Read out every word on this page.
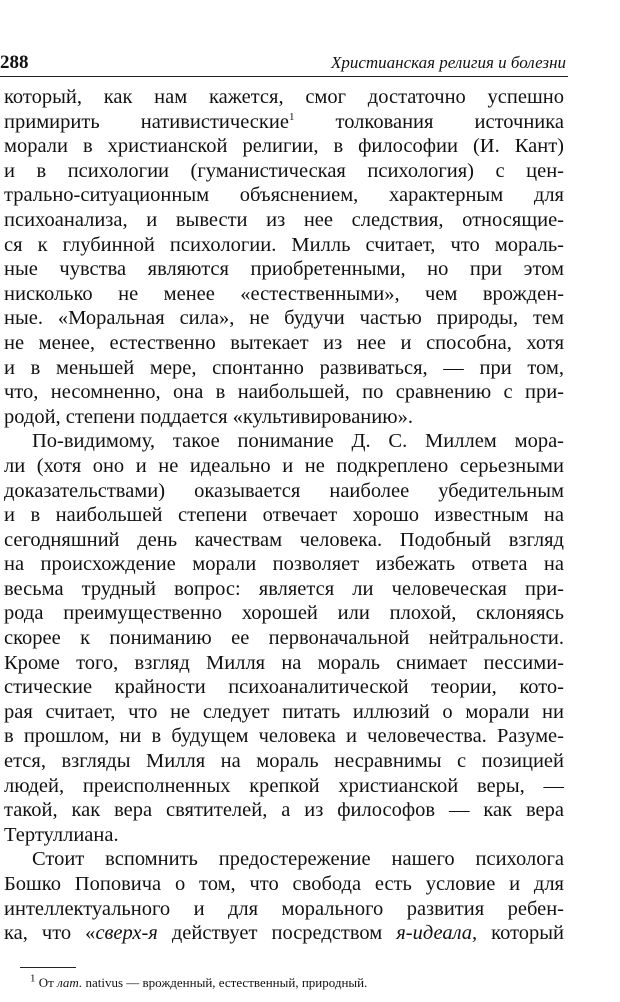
288	Христианская религия и болезни
который, как нам кажется, смог достаточно успешно
примирить нативистические$^1$ толкования источника
морали в христианской религии, в философии (И. Кант)
и в психологии (гуманистическая психология) с цен-
трально-ситуационным объяснением, характерным для
психоанализа, и вывести из нее следствия, относящие-
ся к глубинной психологии. Милль считает, что мораль-
ные чувства являются приобретенными, но при этом
нисколько не менее «естественными», чем врожден-
ные. «Моральная сила», не будучи частью природы, тем
не менее, естественно вытекает из нее и способна, хотя
и в меньшей мере, спонтанно развиваться, — при том,
что, несомненно, она в наибольшей, по сравнению с при-
родой, степени поддается «культивированию».
По-видимому, такое понимание Д. С. Миллем мора-
ли (хотя оно и не идеально и не подкреплено серьезными
доказательствами) оказывается наиболее убедительным
и в наибольшей степени отвечает хорошо известным на
сегодняшний день качествам человека. Подобный взгляд
на происхождение морали позволяет избежать ответа на
весьма трудный вопрос: является ли человеческая при-
рода преимущественно хорошей или плохой, склоняясь
скорее к пониманию ее первоначальной нейтральности.
Кроме того, взгляд Милля на мораль снимает пессими-
стические крайности психоаналитической теории, кото-
рая считает, что не следует питать иллюзий о морали ни
в прошлом, ни в будущем человека и человечества. Разуме-
ется, взгляды Милля на мораль несравнимы с позицией
людей, преисполненных крепкой христианской веры, —
такой, как вера святителей, а из философов — как вера
Тертуллиана.
Стоит вспомнить предостережение нашего психолога
Бошко Поповича о том, что свобода есть условие и для
интеллектуального и для морального развития ребен-
ка, что «сверх-я действует посредством я-идеала, который
$^1$ От лат. nativus — врожденный, естественный, природный.
